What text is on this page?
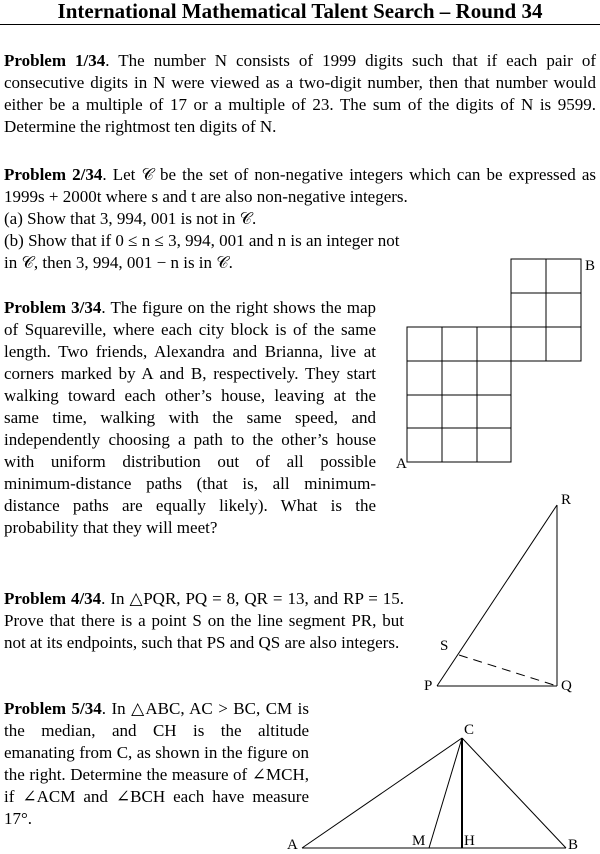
International Mathematical Talent Search – Round 34
Problem 1/34. The number N consists of 1999 digits such that if each pair of consecutive digits in N were viewed as a two-digit number, then that number would either be a multiple of 17 or a multiple of 23. The sum of the digits of N is 9599. Determine the rightmost ten digits of N.
Problem 2/34. Let 𝒞 be the set of non-negative integers which can be expressed as 1999s + 2000t where s and t are also non-negative integers.
(a) Show that 3, 994, 001 is not in 𝒞.
(b) Show that if 0 ≤ n ≤ 3, 994, 001 and n is an integer not
in 𝒞, then 3, 994, 001 − n is in 𝒞.
Problem 3/34. The figure on the right shows the map of Squareville, where each city block is of the same length. Two friends, Alexandra and Brianna, live at corners marked by A and B, respectively. They start walking toward each other’s house, leaving at the same time, walking with the same speed, and independently choosing a path to the other’s house with uniform distribution out of all possible minimum-distance paths (that is, all minimum-distance paths are equally likely). What is the probability that they will meet?
Problem 4/34. In △PQR, PQ = 8, QR = 13, and RP = 15. Prove that there is a point S on the line segment PR, but not at its endpoints, such that PS and QS are also integers.
Problem 5/34. In △ABC, AC > BC, CM is the median, and CH is the altitude emanating from C, as shown in the figure on the right. Determine the measure of ∠MCH, if ∠ACM and ∠BCH each have measure 17°.
B
A
R
S
P	Q
C
A	M	H	B
